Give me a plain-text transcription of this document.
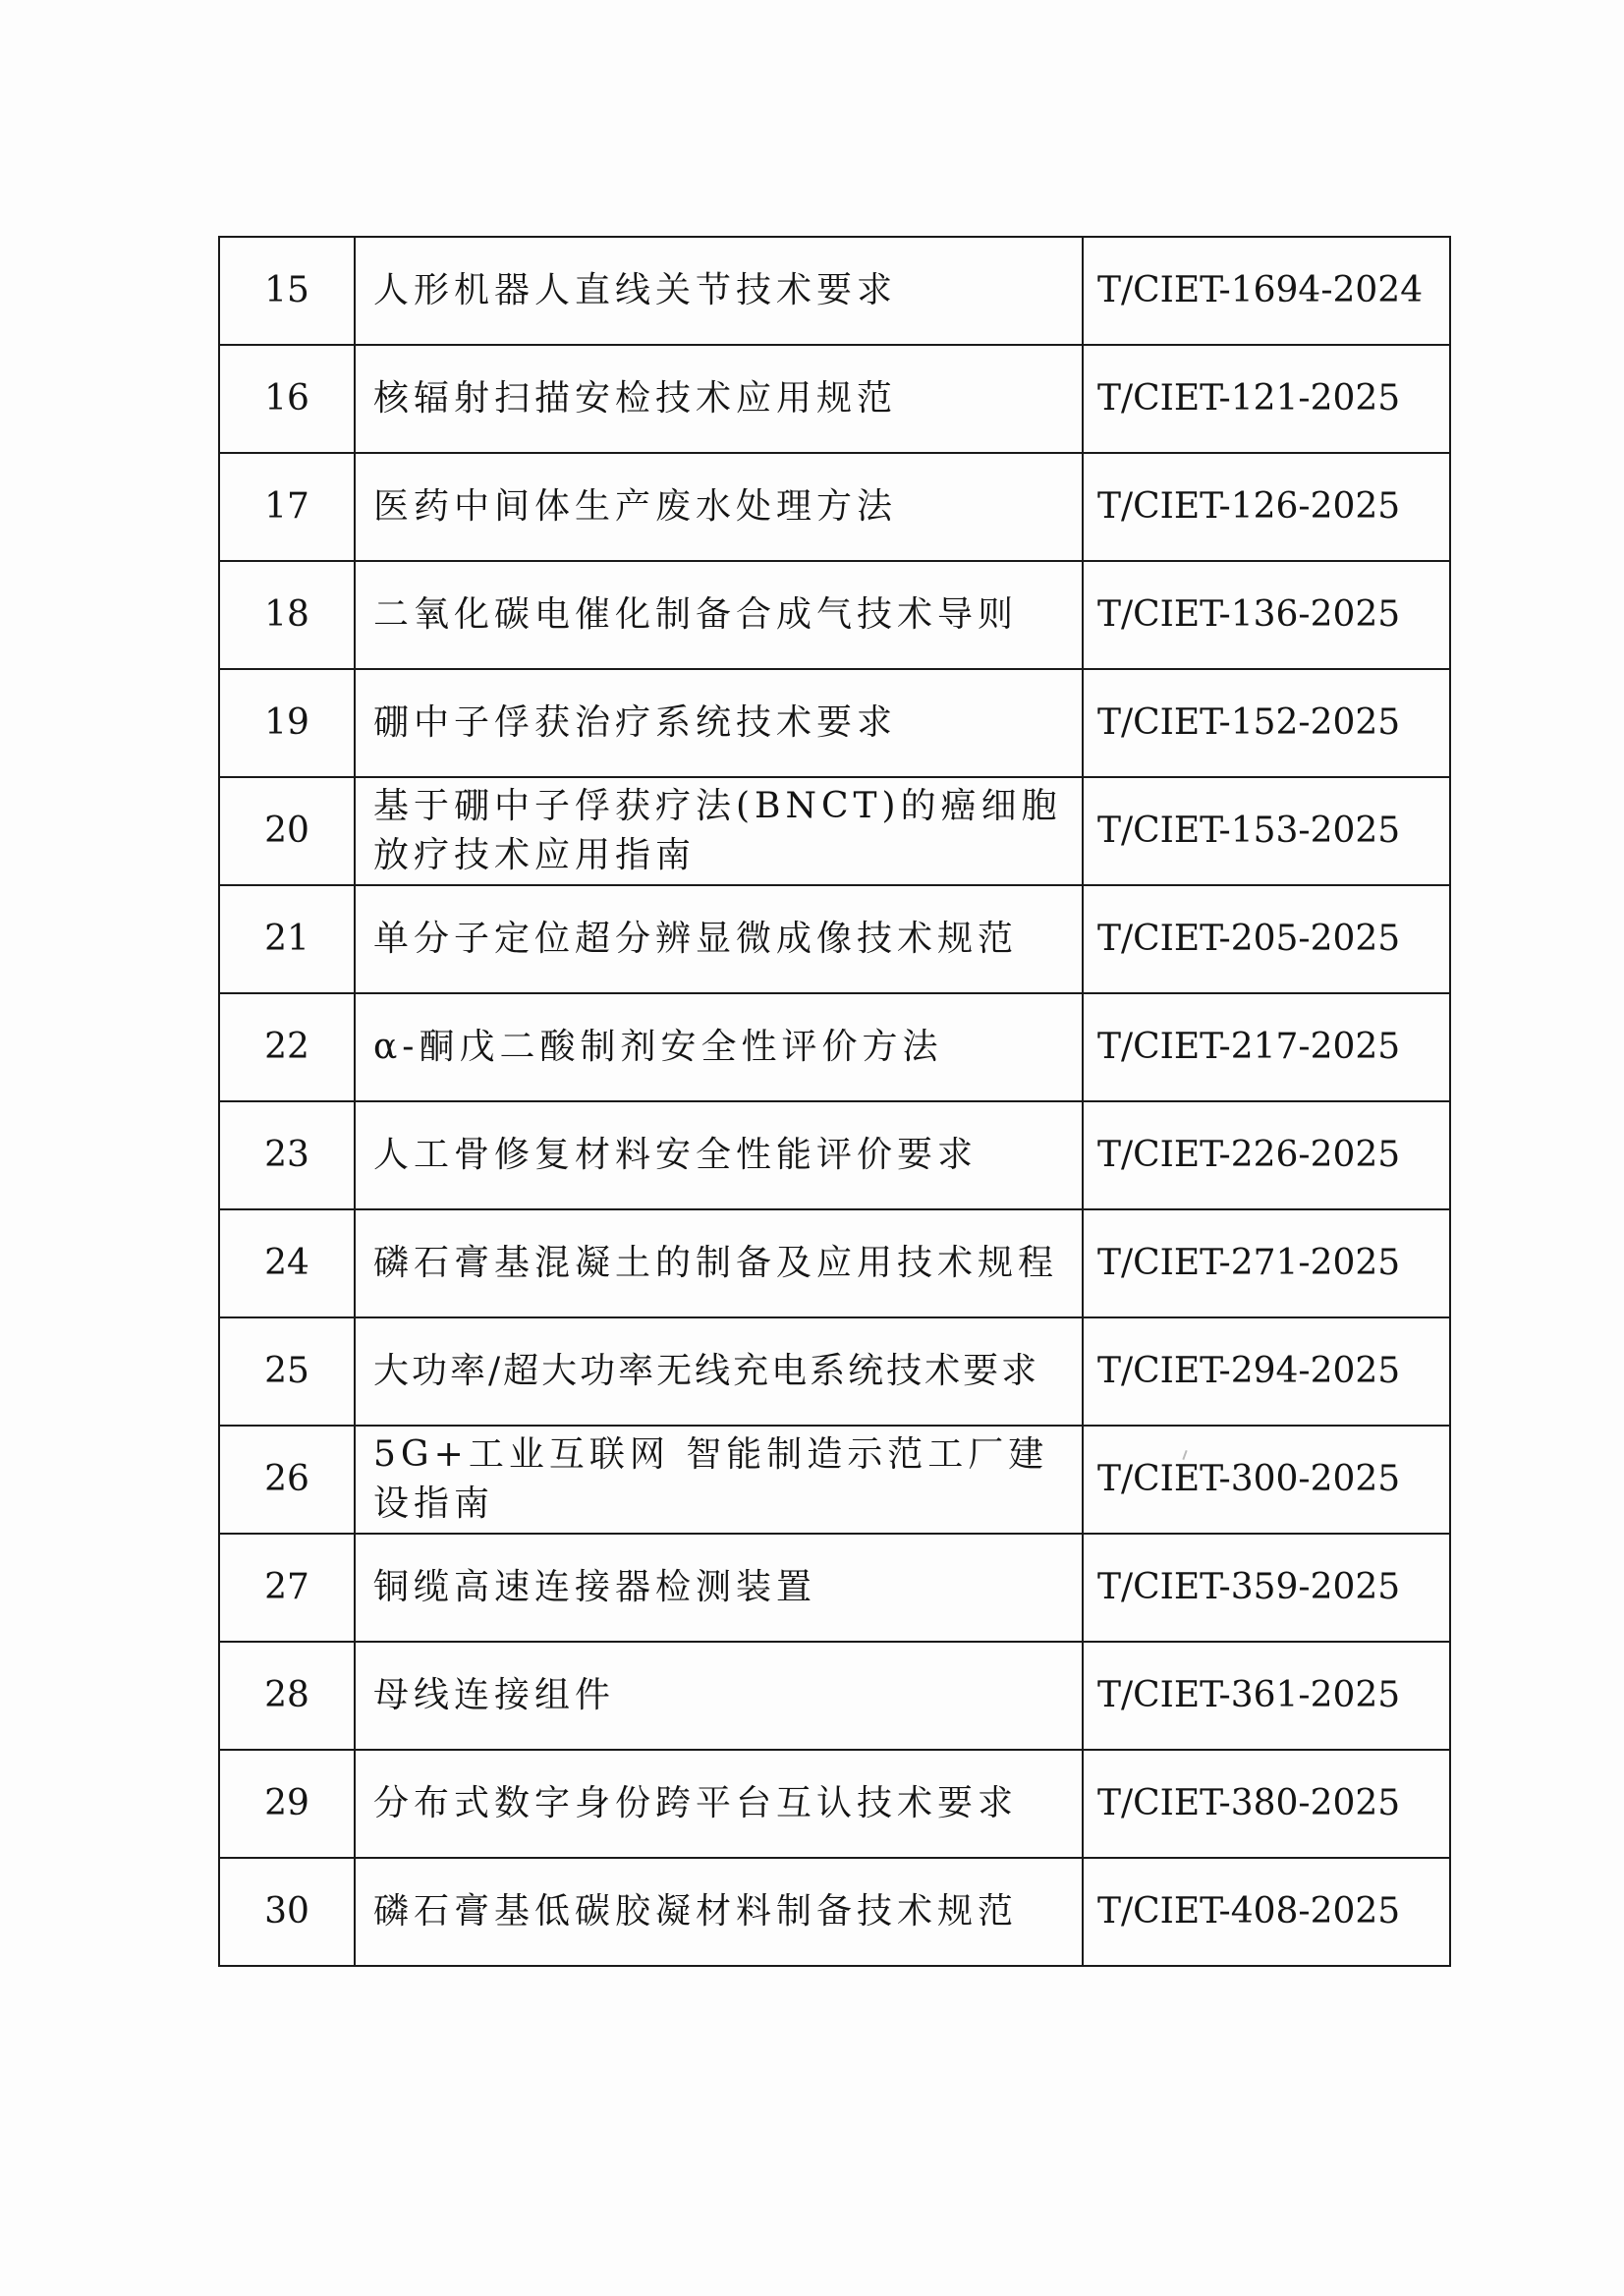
15	人形机器人直线关节技术要求	T/CIET-1694-2024
16	核辐射扫描安检技术应用规范	T/CIET-121-2025
17	医药中间体生产废水处理方法	T/CIET-126-2025
18	二氧化碳电催化制备合成气技术导则	T/CIET-136-2025
19	硼中子俘获治疗系统技术要求	T/CIET-152-2025
20	基于硼中子俘获疗法(BNCT)的癌细胞放疗技术应用指南	T/CIET-153-2025
21	单分子定位超分辨显微成像技术规范	T/CIET-205-2025
22	α-酮戊二酸制剂安全性评价方法	T/CIET-217-2025
23	人工骨修复材料安全性能评价要求	T/CIET-226-2025
24	磷石膏基混凝土的制备及应用技术规程	T/CIET-271-2025
25	大功率/超大功率无线充电系统技术要求	T/CIET-294-2025
26	5G+工业互联网 智能制造示范工厂建设指南	T/CIET-300-2025
27	铜缆高速连接器检测装置	T/CIET-359-2025
28	母线连接组件	T/CIET-361-2025
29	分布式数字身份跨平台互认技术要求	T/CIET-380-2025
30	磷石膏基低碳胶凝材料制备技术规范	T/CIET-408-2025
